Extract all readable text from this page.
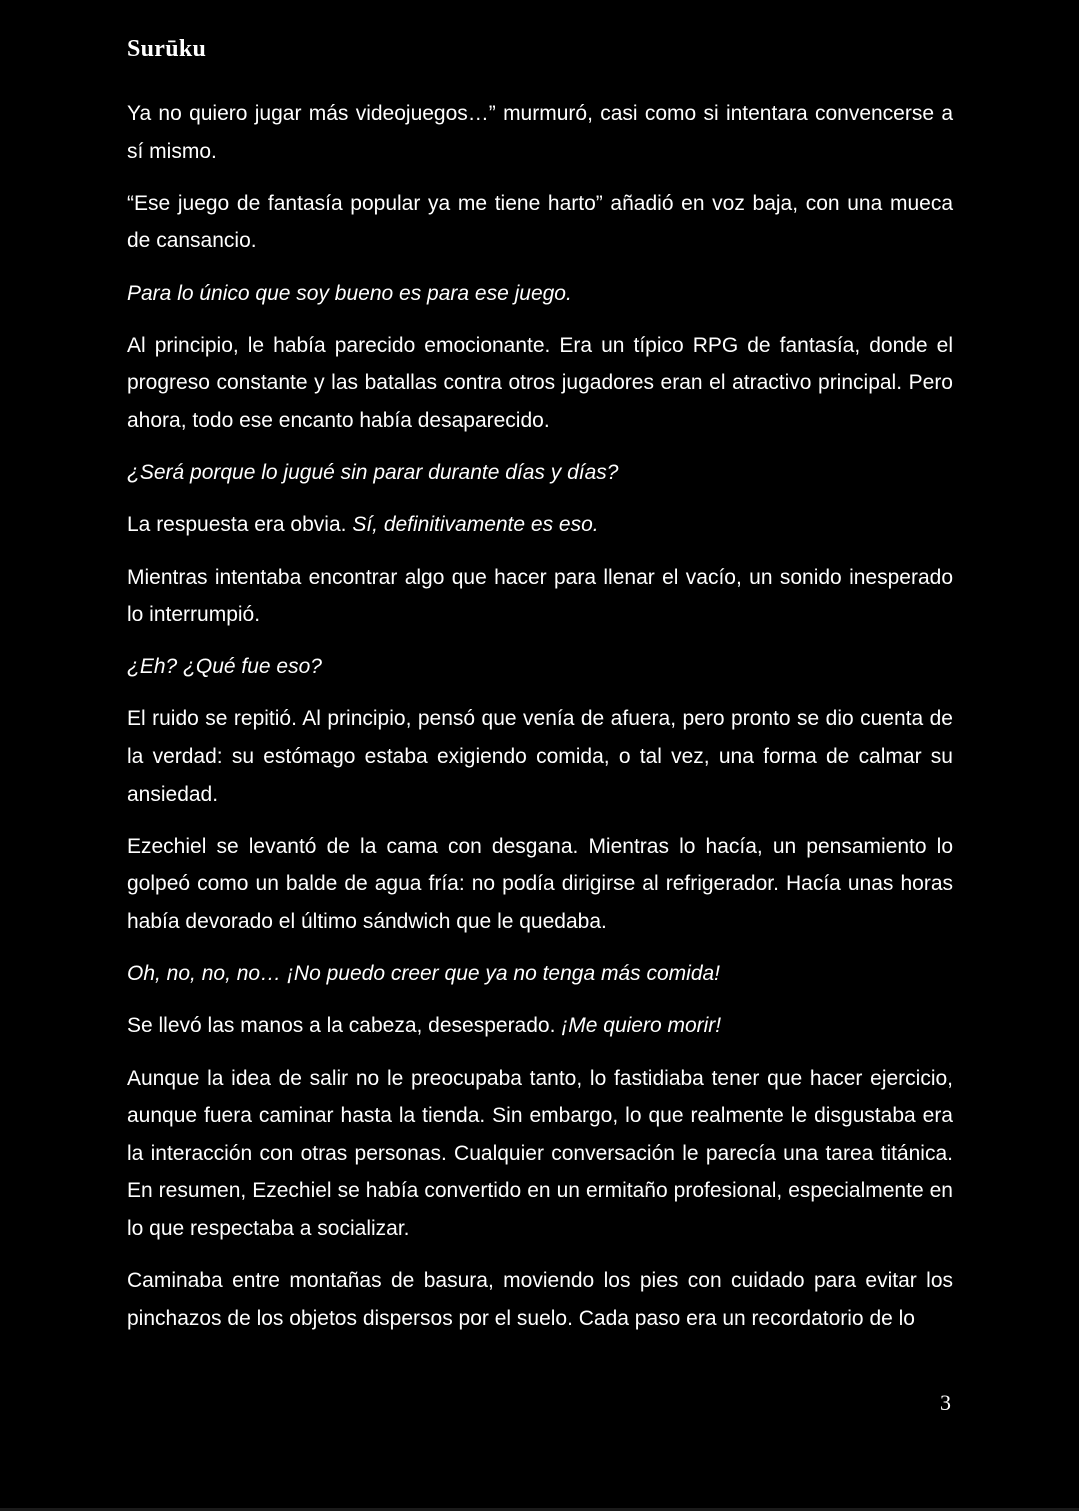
Surūku

Ya no quiero jugar más videojuegos…” murmuró, casi como si intentara convencerse a sí mismo.

“Ese juego de fantasía popular ya me tiene harto” añadió en voz baja, con una mueca de cansancio.

Para lo único que soy bueno es para ese juego.

Al principio, le había parecido emocionante. Era un típico RPG de fantasía, donde el progreso constante y las batallas contra otros jugadores eran el atractivo principal. Pero ahora, todo ese encanto había desaparecido.

¿Será porque lo jugué sin parar durante días y días?

La respuesta era obvia. Sí, definitivamente es eso.

Mientras intentaba encontrar algo que hacer para llenar el vacío, un sonido inesperado lo interrumpió.

¿Eh? ¿Qué fue eso?

El ruido se repitió. Al principio, pensó que venía de afuera, pero pronto se dio cuenta de la verdad: su estómago estaba exigiendo comida, o tal vez, una forma de calmar su ansiedad.

Ezechiel se levantó de la cama con desgana. Mientras lo hacía, un pensamiento lo golpeó como un balde de agua fría: no podía dirigirse al refrigerador. Hacía unas horas había devorado el último sándwich que le quedaba.

Oh, no, no, no… ¡No puedo creer que ya no tenga más comida!

Se llevó las manos a la cabeza, desesperado. ¡Me quiero morir!

Aunque la idea de salir no le preocupaba tanto, lo fastidiaba tener que hacer ejercicio, aunque fuera caminar hasta la tienda. Sin embargo, lo que realmente le disgustaba era la interacción con otras personas. Cualquier conversación le parecía una tarea titánica. En resumen, Ezechiel se había convertido en un ermitaño profesional, especialmente en lo que respectaba a socializar.

Caminaba entre montañas de basura, moviendo los pies con cuidado para evitar los pinchazos de los objetos dispersos por el suelo. Cada paso era un recordatorio de lo

3
